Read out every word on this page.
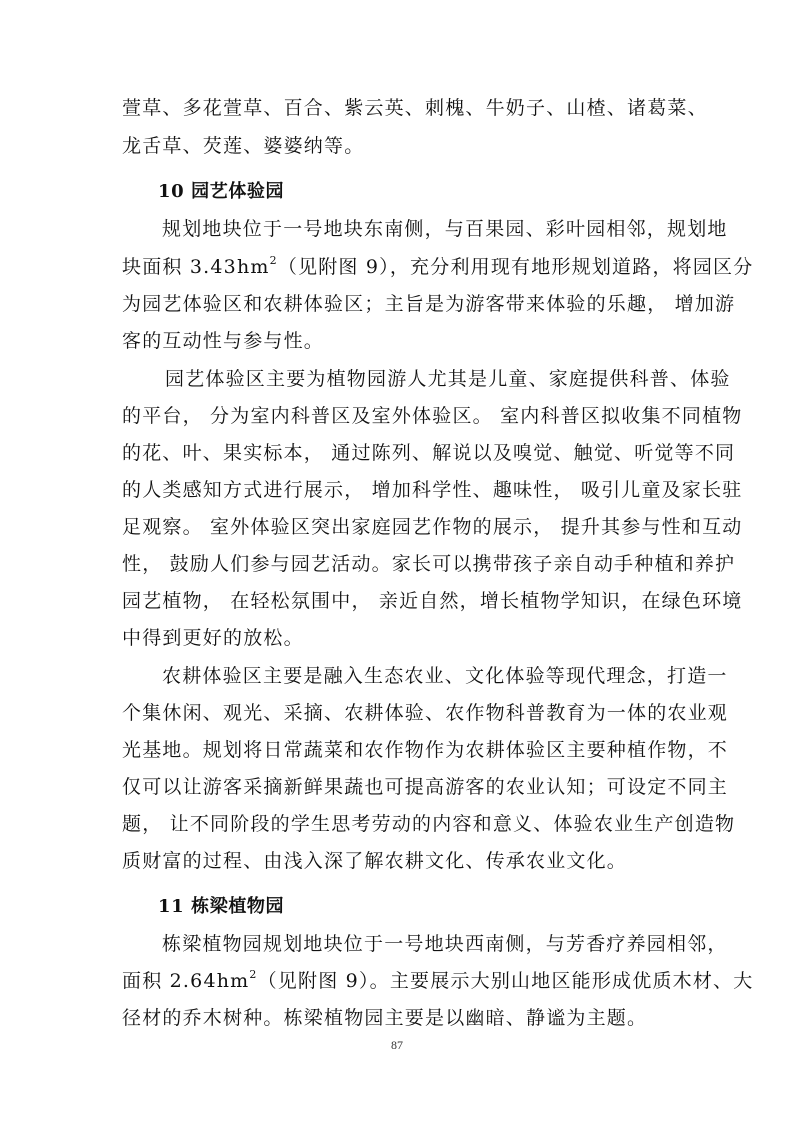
萱草、多花萱草、百合、紫云英、刺槐、牛奶子、山楂、诸葛菜、
龙舌草、芡莲、婆婆纳等。
10 园艺体验园
规划地块位于一号地块东南侧，与百果园、彩叶园相邻，规划地
块面积 $3.43hm^2$（见附图 9），充分利用现有地形规划道路，将园区分
为园艺体验区和农耕体验区；主旨是为游客带来体验的乐趣， 增加游
客的互动性与参与性。
园艺体验区主要为植物园游人尤其是儿童、家庭提供科普、体验
的平台， 分为室内科普区及室外体验区。 室内科普区拟收集不同植物
的花、叶、果实标本， 通过陈列、解说以及嗅觉、触觉、听觉等不同
的人类感知方式进行展示， 增加科学性、趣味性， 吸引儿童及家长驻
足观察。 室外体验区突出家庭园艺作物的展示， 提升其参与性和互动
性， 鼓励人们参与园艺活动。家长可以携带孩子亲自动手种植和养护
园艺植物， 在轻松氛围中， 亲近自然，增长植物学知识，在绿色环境
中得到更好的放松。
农耕体验区主要是融入生态农业、文化体验等现代理念，打造一
个集休闲、观光、采摘、农耕体验、农作物科普教育为一体的农业观
光基地。规划将日常蔬菜和农作物作为农耕体验区主要种植作物，不
仅可以让游客采摘新鲜果蔬也可提高游客的农业认知；可设定不同主
题， 让不同阶段的学生思考劳动的内容和意义、体验农业生产创造物
质财富的过程、由浅入深了解农耕文化、传承农业文化。
11 栋梁植物园
栋梁植物园规划地块位于一号地块西南侧，与芳香疗养园相邻，
面积 $2.64hm^2$（见附图 9）。主要展示大别山地区能形成优质木材、大
径材的乔木树种。栋梁植物园主要是以幽暗、静谧为主题。
87
